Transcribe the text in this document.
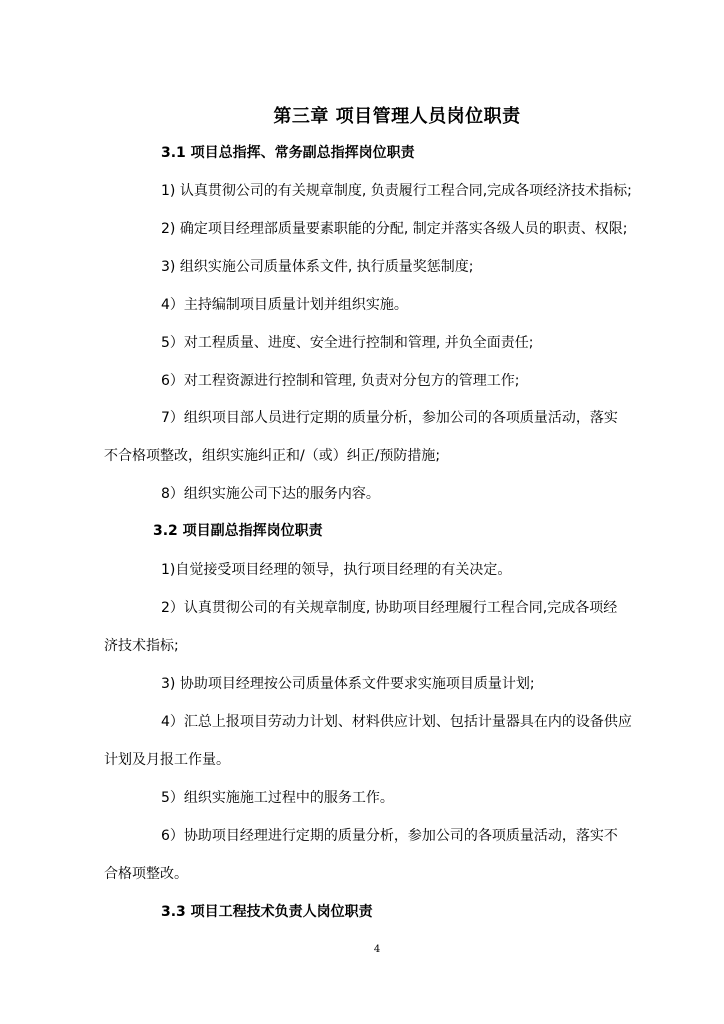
第三章 项目管理人员岗位职责
3.1 项目总指挥、常务副总指挥岗位职责
1) 认真贯彻公司的有关规章制度, 负责履行工程合同,完成各项经济技术指标;
2) 确定项目经理部质量要素职能的分配, 制定并落实各级人员的职责、权限;
3) 组织实施公司质量体系文件, 执行质量奖惩制度;
4）主持编制项目质量计划并组织实施。
5）对工程质量、进度、安全进行控制和管理, 并负全面责任;
6）对工程资源进行控制和管理, 负责对分包方的管理工作;
7）组织项目部人员进行定期的质量分析，参加公司的各项质量活动，落实
不合格项整改，组织实施纠正和/（或）纠正/预防措施;
8）组织实施公司下达的服务内容。
3.2 项目副总指挥岗位职责
1)自觉接受项目经理的领导，执行项目经理的有关决定。
2）认真贯彻公司的有关规章制度, 协助项目经理履行工程合同,完成各项经
济技术指标;
3) 协助项目经理按公司质量体系文件要求实施项目质量计划;
4）汇总上报项目劳动力计划、材料供应计划、包括计量器具在内的设备供应
计划及月报工作量。
5）组织实施施工过程中的服务工作。
6）协助项目经理进行定期的质量分析，参加公司的各项质量活动，落实不
合格项整改。
3.3 项目工程技术负责人岗位职责
4
